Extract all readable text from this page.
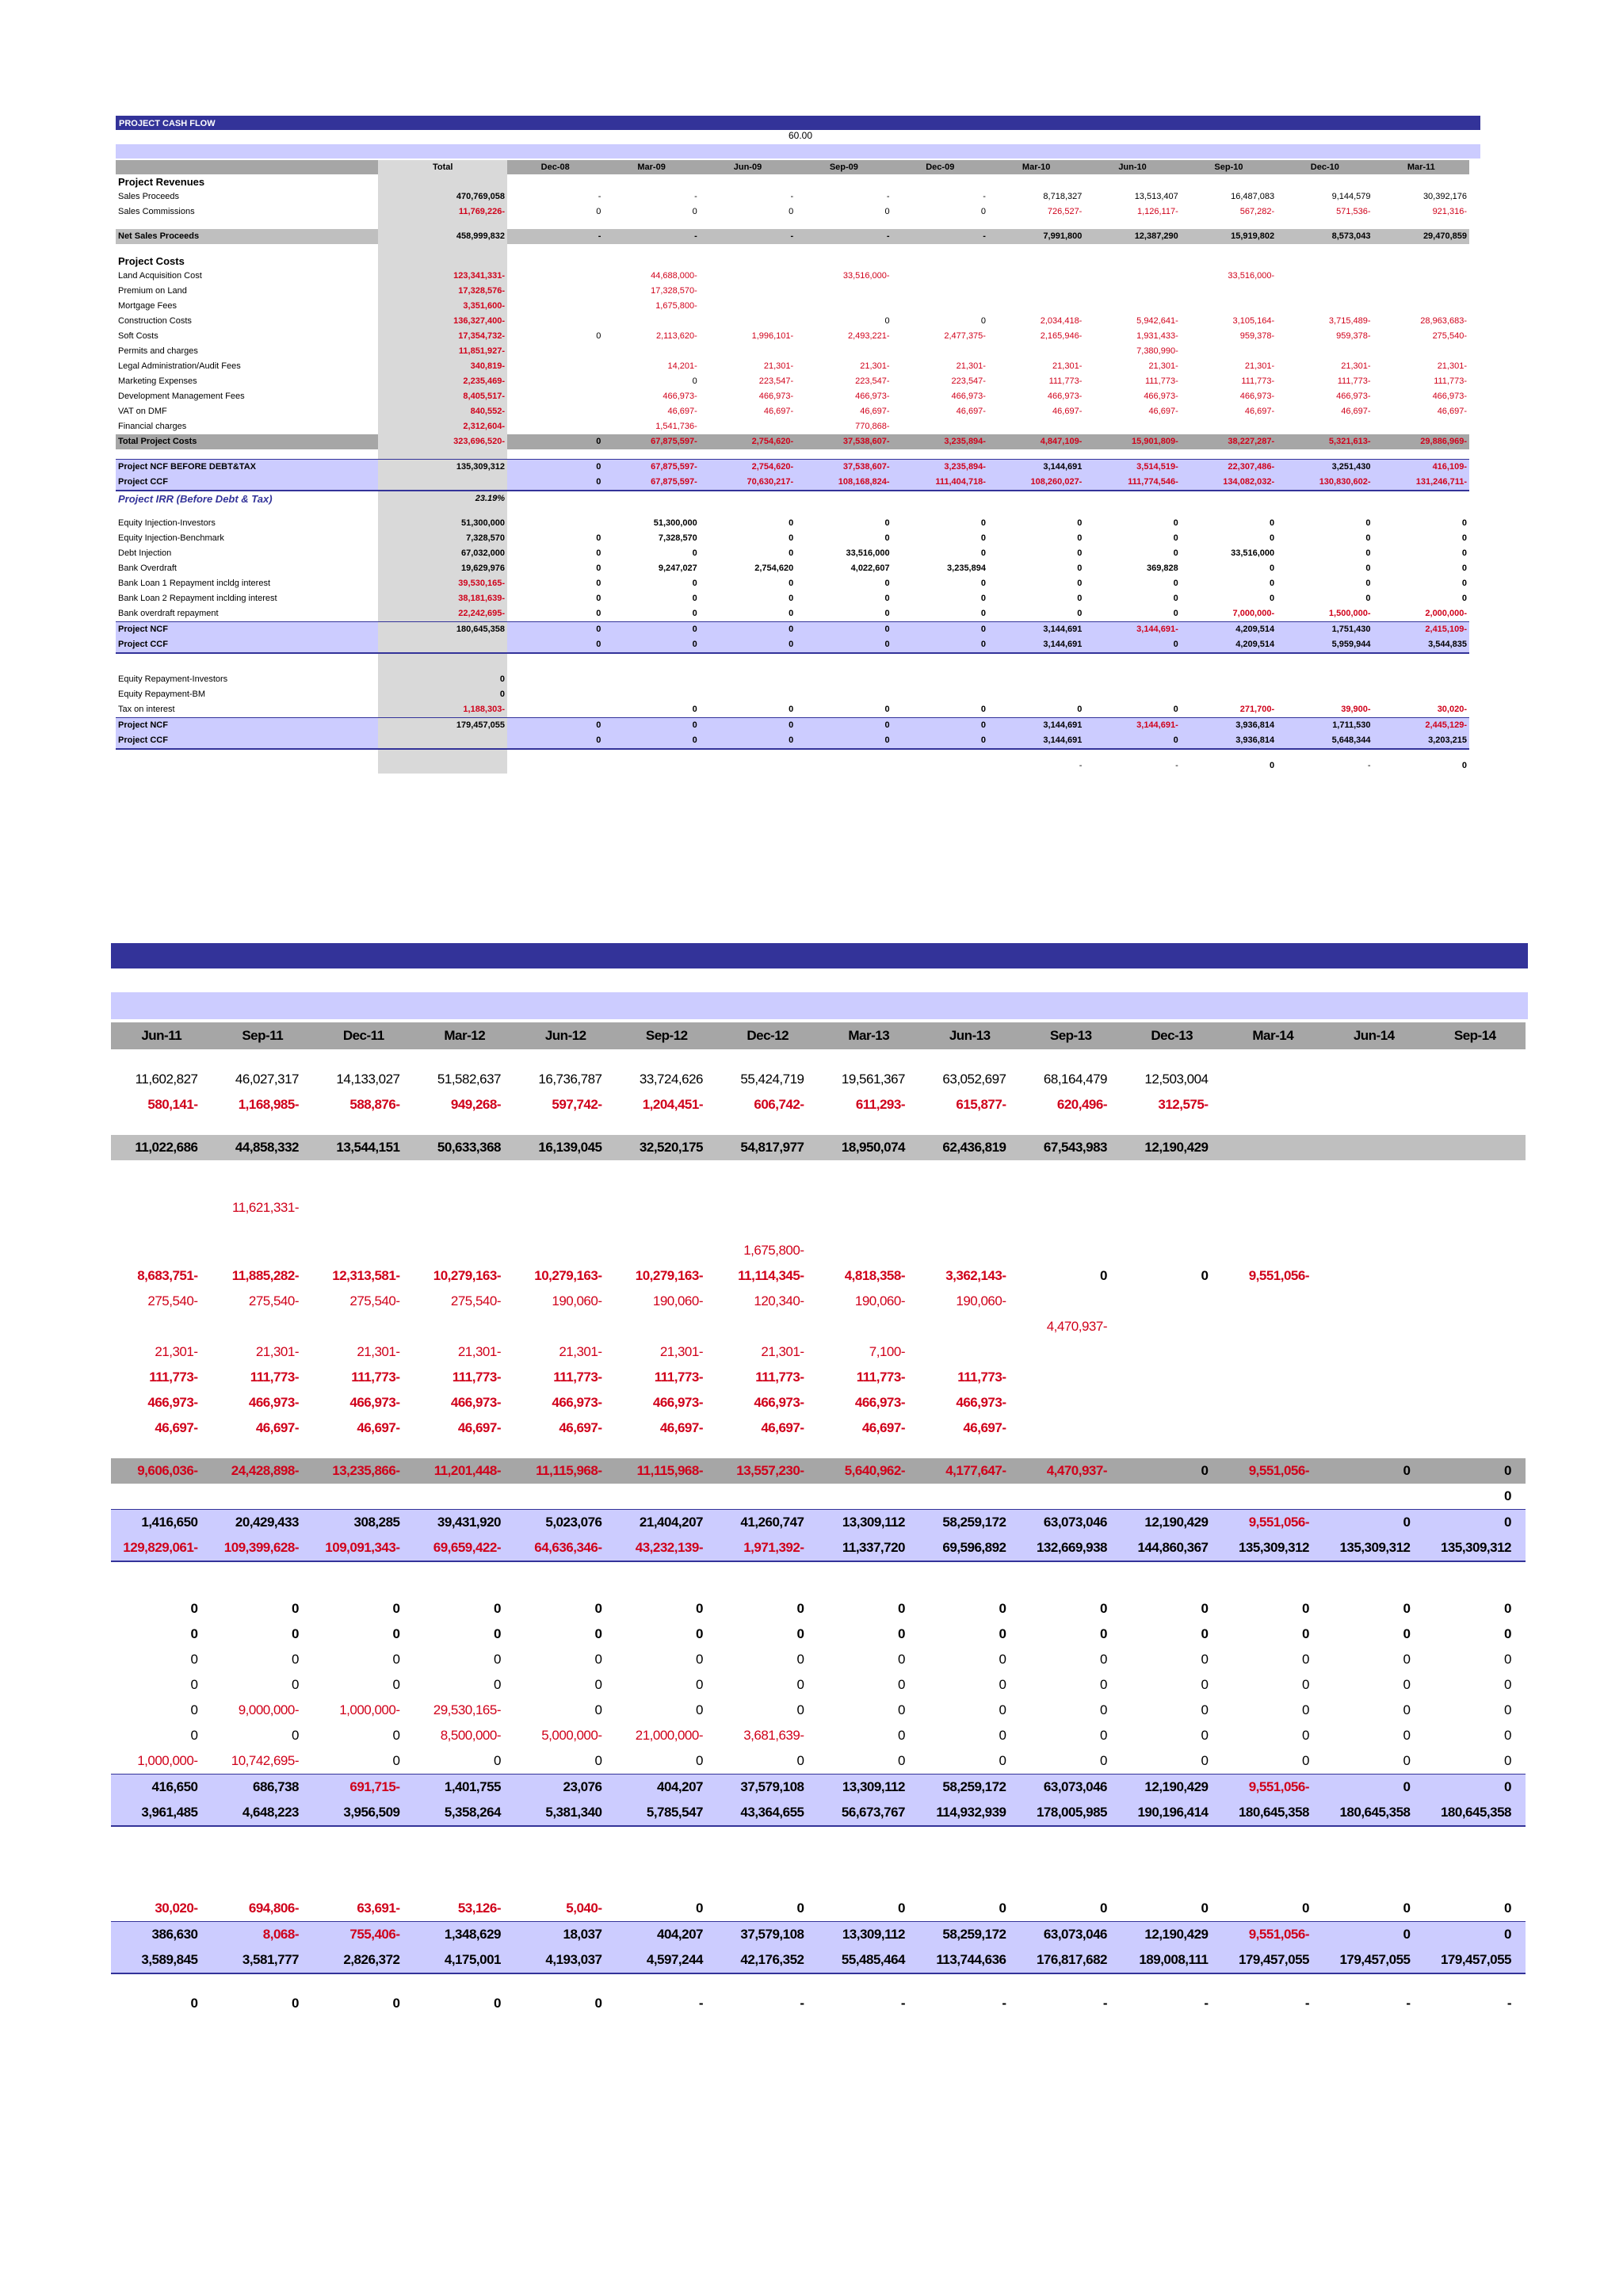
PROJECT CASH FLOW
60.00
	Total	Dec-08	Mar-09	Jun-09	Sep-09	Dec-09	Mar-10	Jun-10	Sep-10	Dec-10	Mar-11
Project Revenues											
Sales Proceeds	470,769,058	-	-	-	-	-	8,718,327	13,513,407	16,487,083	9,144,579	30,392,176
Sales Commissions	11,769,226-	0	0	0	0	0	726,527-	1,126,117-	567,282-	571,536-	921,316-

Net Sales Proceeds	458,999,832	-	-	-	-	-	7,991,800	12,387,290	15,919,802	8,573,043	29,470,859

Project Costs											
Land Acquisition Cost	123,341,331-		44,688,000-		33,516,000-				33,516,000-		
Premium on Land	17,328,576-		17,328,570-								
Mortgage Fees	3,351,600-		1,675,800-								
Construction Costs	136,327,400-				0	0	2,034,418-	5,942,641-	3,105,164-	3,715,489-	28,963,683-
Soft Costs	17,354,732-	0	2,113,620-	1,996,101-	2,493,221-	2,477,375-	2,165,946-	1,931,433-	959,378-	959,378-	275,540-
Permits and charges	11,851,927-							7,380,990-			
Legal Administration/Audit Fees	340,819-		14,201-	21,301-	21,301-	21,301-	21,301-	21,301-	21,301-	21,301-	21,301-
Marketing Expenses	2,235,469-		0	223,547-	223,547-	223,547-	111,773-	111,773-	111,773-	111,773-	111,773-
Development Management Fees	8,405,517-		466,973-	466,973-	466,973-	466,973-	466,973-	466,973-	466,973-	466,973-	466,973-
VAT on DMF	840,552-		46,697-	46,697-	46,697-	46,697-	46,697-	46,697-	46,697-	46,697-	46,697-
Financial charges	2,312,604-		1,541,736-		770,868-						
Total Project Costs	323,696,520-	0	67,875,597-	2,754,620-	37,538,607-	3,235,894-	4,847,109-	15,901,809-	38,227,287-	5,321,613-	29,886,969-

Project NCF BEFORE DEBT&TAX	135,309,312	0	67,875,597-	2,754,620-	37,538,607-	3,235,894-	3,144,691	3,514,519-	22,307,486-	3,251,430	416,109-
Project CCF		0	67,875,597-	70,630,217-	108,168,824-	111,404,718-	108,260,027-	111,774,546-	134,082,032-	130,830,602-	131,246,711-
Project IRR (Before Debt & Tax)	23.19%										

Equity Injection-Investors	51,300,000		51,300,000	0	0	0	0	0	0	0	0
Equity Injection-Benchmark	7,328,570	0	7,328,570	0	0	0	0	0	0	0	0
Debt Injection	67,032,000	0	0	0	33,516,000	0	0	0	33,516,000	0	0
Bank Overdraft	19,629,976	0	9,247,027	2,754,620	4,022,607	3,235,894	0	369,828	0	0	0
Bank Loan 1 Repayment incldg interest	39,530,165-	0	0	0	0	0	0	0	0	0	0
Bank Loan 2 Repayment inclding interest	38,181,639-	0	0	0	0	0	0	0	0	0	0
Bank overdraft repayment	22,242,695-	0	0	0	0	0	0	0	7,000,000-	1,500,000-	2,000,000-
Project NCF	180,645,358	0	0	0	0	0	3,144,691	3,144,691-	4,209,514	1,751,430	2,415,109-
Project CCF		0	0	0	0	0	3,144,691	0	4,209,514	5,959,944	3,544,835

Equity Repayment-Investors	0										
Equity Repayment-BM	0										
Tax on interest	1,188,303-		0	0	0	0	0	0	271,700-	39,900-	30,020-
Project NCF	179,457,055	0	0	0	0	0	3,144,691	3,144,691-	3,936,814	1,711,530	2,445,129-
Project CCF		0	0	0	0	0	3,144,691	0	3,936,814	5,648,344	3,203,215

							-	-	0	-	0
Jun-11	Sep-11	Dec-11	Mar-12	Jun-12	Sep-12	Dec-12	Mar-13	Jun-13	Sep-13	Dec-13	Mar-14	Jun-14	Sep-14

11,602,827	46,027,317	14,133,027	51,582,637	16,736,787	33,724,626	55,424,719	19,561,367	63,052,697	68,164,479	12,503,004			
580,141-	1,168,985-	588,876-	949,268-	597,742-	1,204,451-	606,742-	611,293-	615,877-	620,496-	312,575-			

11,022,686	44,858,332	13,544,151	50,633,368	16,139,045	32,520,175	54,817,977	18,950,074	62,436,819	67,543,983	12,190,429			

	11,621,331-												

						1,675,800-							
8,683,751-	11,885,282-	12,313,581-	10,279,163-	10,279,163-	10,279,163-	11,114,345-	4,818,358-	3,362,143-	0	0	9,551,056-		
275,540-	275,540-	275,540-	275,540-	190,060-	190,060-	120,340-	190,060-	190,060-					
									4,470,937-				
21,301-	21,301-	21,301-	21,301-	21,301-	21,301-	21,301-	7,100-						
111,773-	111,773-	111,773-	111,773-	111,773-	111,773-	111,773-	111,773-	111,773-					
466,973-	466,973-	466,973-	466,973-	466,973-	466,973-	466,973-	466,973-	466,973-					
46,697-	46,697-	46,697-	46,697-	46,697-	46,697-	46,697-	46,697-	46,697-					

9,606,036-	24,428,898-	13,235,866-	11,201,448-	11,115,968-	11,115,968-	13,557,230-	5,640,962-	4,177,647-	4,470,937-	0	9,551,056-	0	0
													0
1,416,650	20,429,433	308,285	39,431,920	5,023,076	21,404,207	41,260,747	13,309,112	58,259,172	63,073,046	12,190,429	9,551,056-	0	0
129,829,061-	109,399,628-	109,091,343-	69,659,422-	64,636,346-	43,232,139-	1,971,392-	11,337,720	69,596,892	132,669,938	144,860,367	135,309,312	135,309,312	135,309,312

0	0	0	0	0	0	0	0	0	0	0	0	0	0
0	0	0	0	0	0	0	0	0	0	0	0	0	0
0	0	0	0	0	0	0	0	0	0	0	0	0	0
0	0	0	0	0	0	0	0	0	0	0	0	0	0
0	9,000,000-	1,000,000-	29,530,165-	0	0	0	0	0	0	0	0	0	0
0	0	0	8,500,000-	5,000,000-	21,000,000-	3,681,639-	0	0	0	0	0	0	0
1,000,000-	10,742,695-	0	0	0	0	0	0	0	0	0	0	0	0
416,650	686,738	691,715-	1,401,755	23,076	404,207	37,579,108	13,309,112	58,259,172	63,073,046	12,190,429	9,551,056-	0	0
3,961,485	4,648,223	3,956,509	5,358,264	5,381,340	5,785,547	43,364,655	56,673,767	114,932,939	178,005,985	190,196,414	180,645,358	180,645,358	180,645,358

30,020-	694,806-	63,691-	53,126-	5,040-	0	0	0	0	0	0	0	0	0
386,630	8,068-	755,406-	1,348,629	18,037	404,207	37,579,108	13,309,112	58,259,172	63,073,046	12,190,429	9,551,056-	0	0
3,589,845	3,581,777	2,826,372	4,175,001	4,193,037	4,597,244	42,176,352	55,485,464	113,744,636	176,817,682	189,008,111	179,457,055	179,457,055	179,457,055

0	0	0	0	0	-	-	-	-	-	-	-	-	-
